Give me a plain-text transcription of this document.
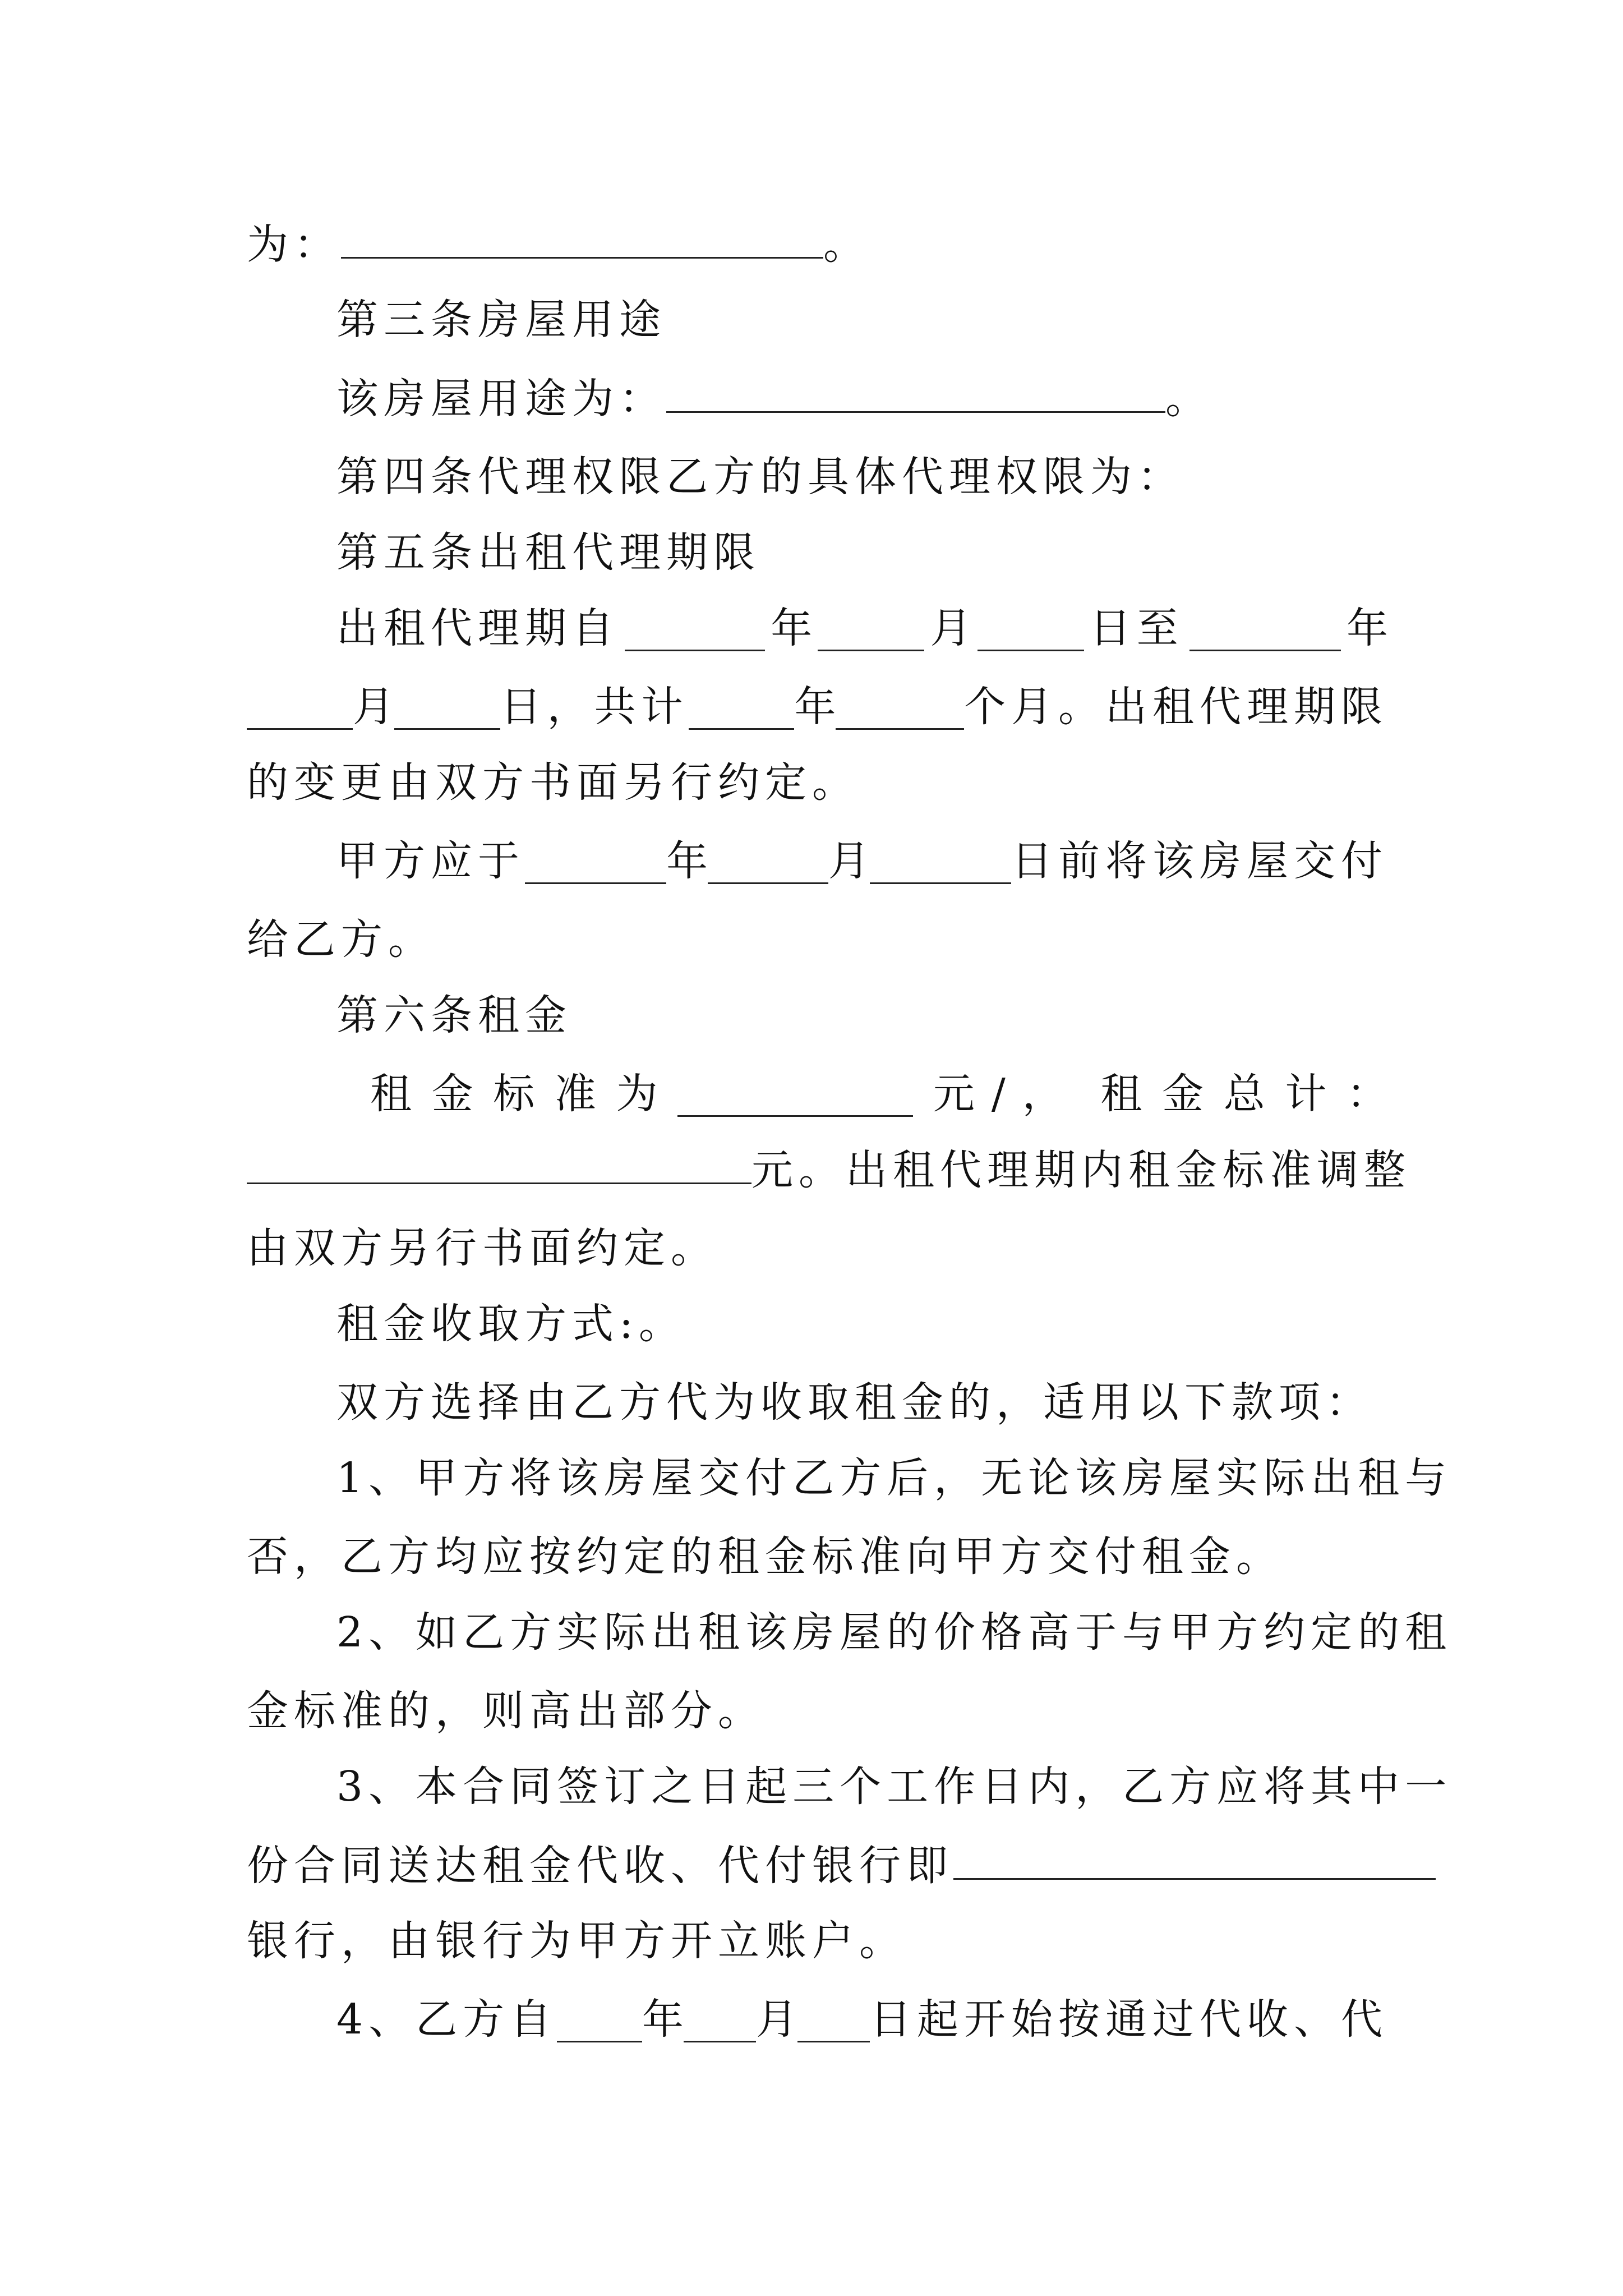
为：	。
第三条房屋用途
该房屋用途为：	。
第四条代理权限乙方的具体代理权限为：
第五条出租代理期限
出租代理期自	年	月	日至	年
月	日，共计	年	个月。出租代理期限
的变更由双方书面另行约定。
甲方应于	年	月	日前将该房屋交付
给乙方。
第六条租金
租 金 标 准 为	元/， 租 金 总 计 ：
元。出租代理期内租金标准调整
由双方另行书面约定。
租金收取方式:。
双方选择由乙方代为收取租金的，适用以下款项：
1、甲方将该房屋交付乙方后，无论该房屋实际出租与
否，乙方均应按约定的租金标准向甲方交付租金。
2、如乙方实际出租该房屋的价格高于与甲方约定的租
金标准的，则高出部分。
3、本合同签订之日起三个工作日内，乙方应将其中一
份合同送达租金代收、代付银行即
银行，由银行为甲方开立账户。
4、乙方自 年 月 日起开始按通过代收、代
